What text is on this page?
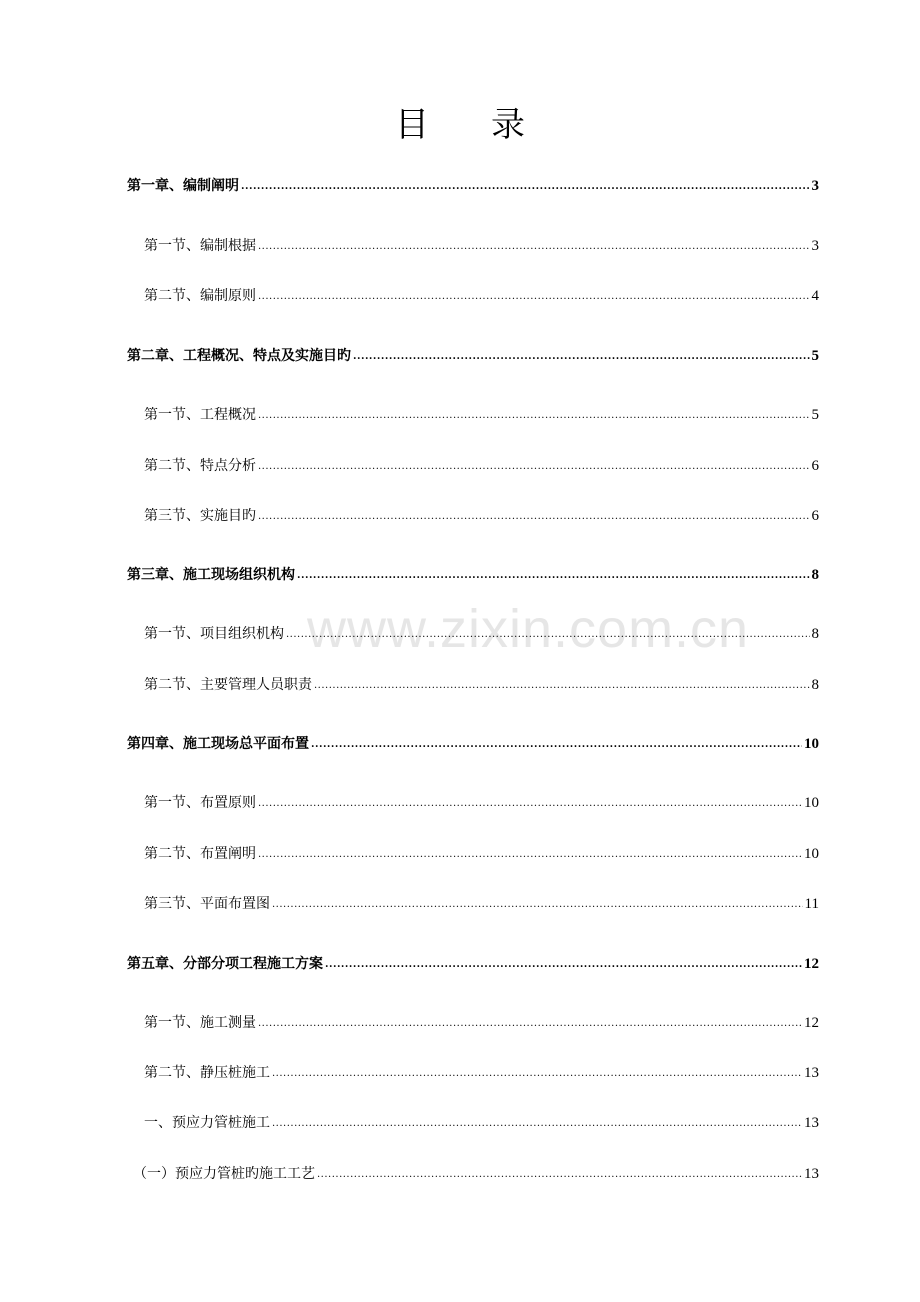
目 录
www.zixin.com.cn
第一章、编制阐明 .....	3
第一节、编制根据 .....	3
第二节、编制原则 .....	4
第二章、工程概况、特点及实施目旳 .....	5
第一节、工程概况 .....	5
第二节、特点分析 .....	6
第三节、实施目旳 .....	6
第三章、施工现场组织机构 .....	8
第一节、项目组织机构 .....	8
第二节、主要管理人员职责 .....	8
第四章、施工现场总平面布置 .....	10
第一节、布置原则 .....	10
第二节、布置阐明 .....	10
第三节、平面布置图 .....	11
第五章、分部分项工程施工方案 .....	12
第一节、施工测量 .....	12
第二节、静压桩施工 .....	13
一、预应力管桩施工 .....	13
（一）预应力管桩旳施工工艺 .....	13
